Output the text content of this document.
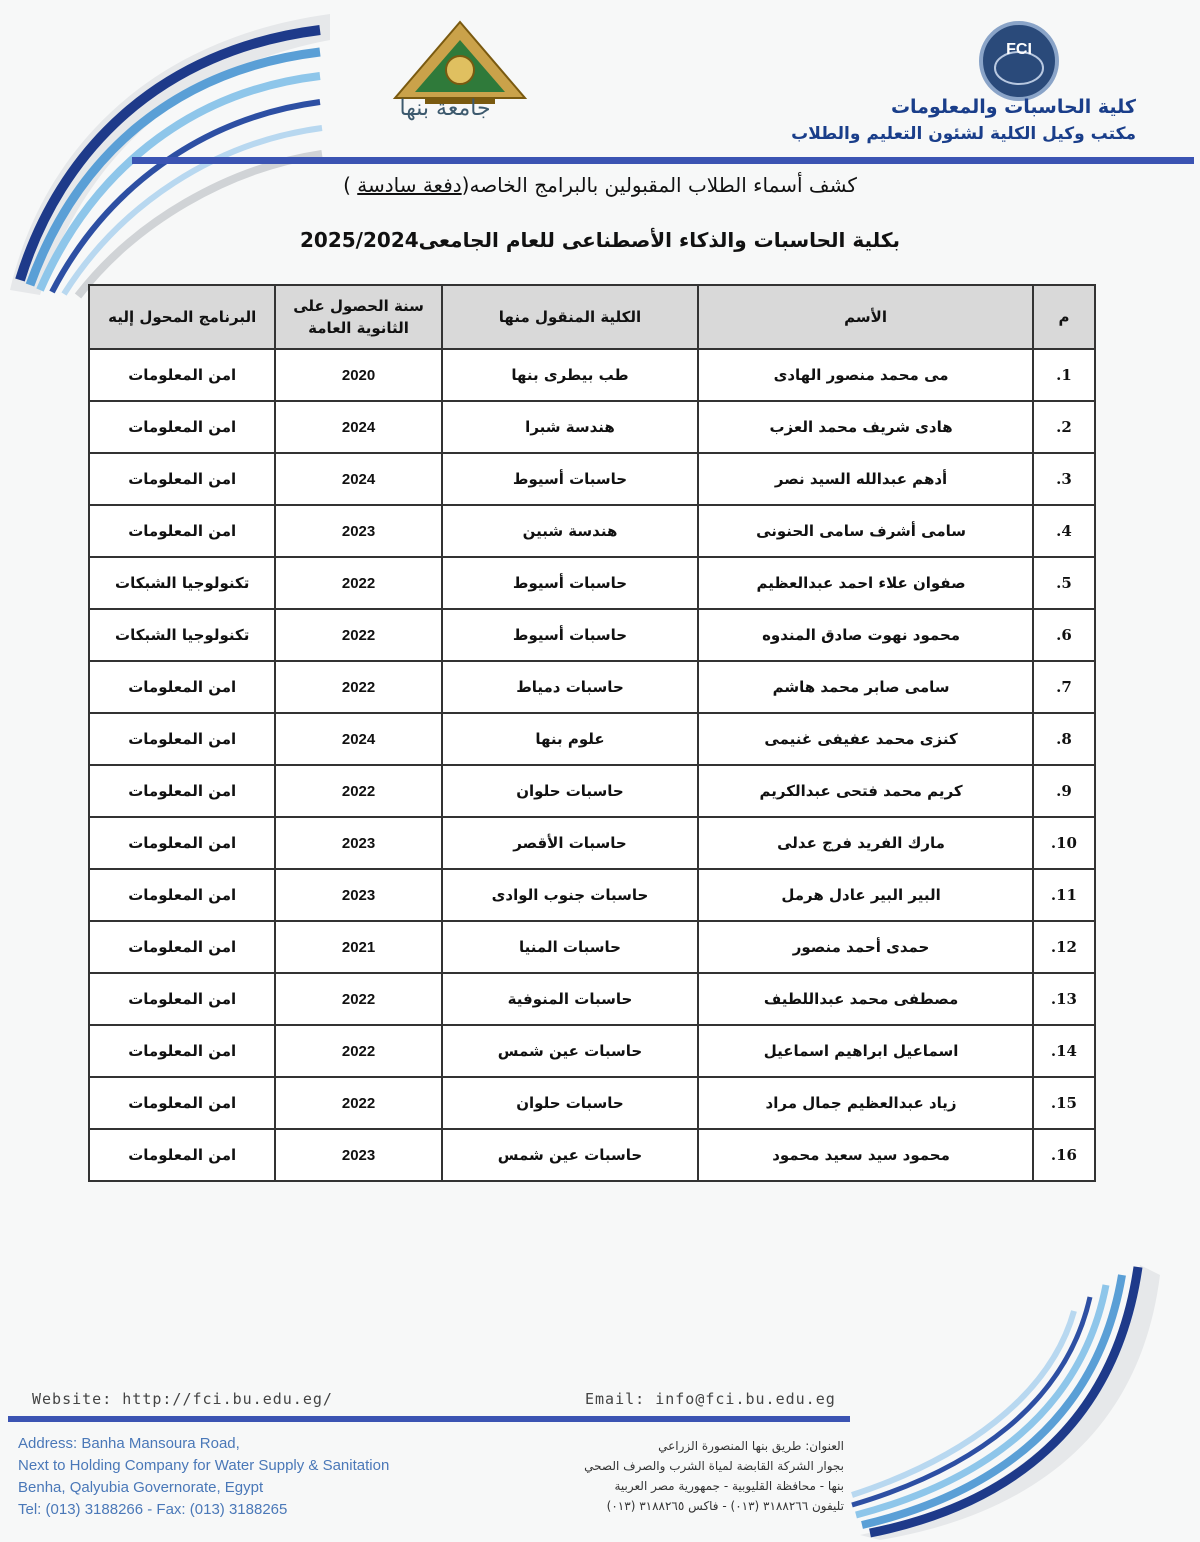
جامعة بنها
FCI
كلية الحاسبات والمعلومات
مكتب وكيل الكلية لشئون التعليم والطلاب
كشف أسماء الطلاب المقبولين بالبرامج الخاصه(دفعة سادسة )
بكلية الحاسبات والذكاء الأصطناعى للعام الجامعى2025/2024
م	الأسم	الكلية المنقول منها	سنة الحصول على الثانوية العامة	البرنامج المحول إليه
1.	مى محمد منصور الهادى	طب بيطرى بنها	2020	امن المعلومات
2.	هادى شريف محمد العزب	هندسة شبرا	2024	امن المعلومات
3.	أدهم عبدالله السيد نصر	حاسبات أسيوط	2024	امن المعلومات
4.	سامى أشرف سامى الحنونى	هندسة شبين	2023	امن المعلومات
5.	صفوان علاء احمد عبدالعظيم	حاسبات أسيوط	2022	تكنولوجيا الشبكات
6.	محمود نهوت صادق المندوه	حاسبات أسيوط	2022	تكنولوجيا الشبكات
7.	سامى صابر محمد هاشم	حاسبات دمياط	2022	امن المعلومات
8.	كنزى محمد عفيفى غنيمى	علوم بنها	2024	امن المعلومات
9.	كريم محمد فتحى عبدالكريم	حاسبات حلوان	2022	امن المعلومات
10.	مارك الفريد فرج عدلى	حاسبات الأقصر	2023	امن المعلومات
11.	البير البير عادل هرمل	حاسبات جنوب الوادى	2023	امن المعلومات
12.	حمدى أحمد منصور	حاسبات المنيا	2021	امن المعلومات
13.	مصطفى محمد عبداللطيف	حاسبات المنوفية	2022	امن المعلومات
14.	اسماعيل ابراهيم اسماعيل	حاسبات عين شمس	2022	امن المعلومات
15.	زياد عبدالعظيم جمال مراد	حاسبات حلوان	2022	امن المعلومات
16.	محمود سيد سعيد محمود	حاسبات عين شمس	2023	امن المعلومات
Website: http://fci.bu.edu.eg/	Email: info@fci.bu.edu.eg
Address: Banha Mansoura Road,
Next to Holding Company for Water Supply & Sanitation
Benha, Qalyubia Governorate, Egypt
Tel: (013) 3188266 - Fax: (013) 3188265
العنوان: طريق بنها المنصورة الزراعي
بجوار الشركة القابضة لمياة الشرب والصرف الصحي
بنها - محافظة القليوبية - جمهورية مصر العربية
تليفون ٣١٨٨٢٦٦ (٠١٣) - فاكس ٣١٨٨٢٦٥ (٠١٣)
